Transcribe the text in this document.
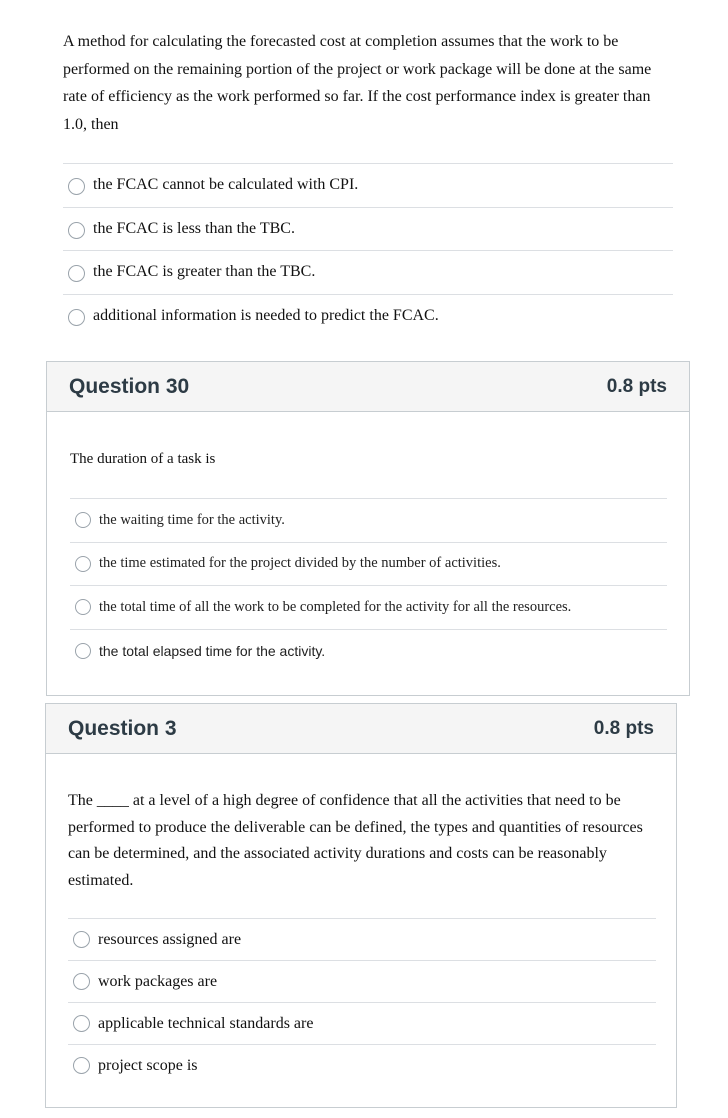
A method for calculating the forecasted cost at completion assumes that the work to be performed on the remaining portion of the project or work package will be done at the same rate of efficiency as the work performed so far. If the cost performance index is greater than 1.0, then
the FCAC cannot be calculated with CPI.
the FCAC is less than the TBC.
the FCAC is greater than the TBC.
additional information is needed to predict the FCAC.
Question 30	0.8 pts
The duration of a task is
the waiting time for the activity.
the time estimated for the project divided by the number of activities.
the total time of all the work to be completed for the activity for all the resources.
the total elapsed time for the activity.
Question 3	0.8 pts
The ____ at a level of a high degree of confidence that all the activities that need to be performed to produce the deliverable can be defined, the types and quantities of resources can be determined, and the associated activity durations and costs can be reasonably estimated.
resources assigned are
work packages are
applicable technical standards are
project scope is
